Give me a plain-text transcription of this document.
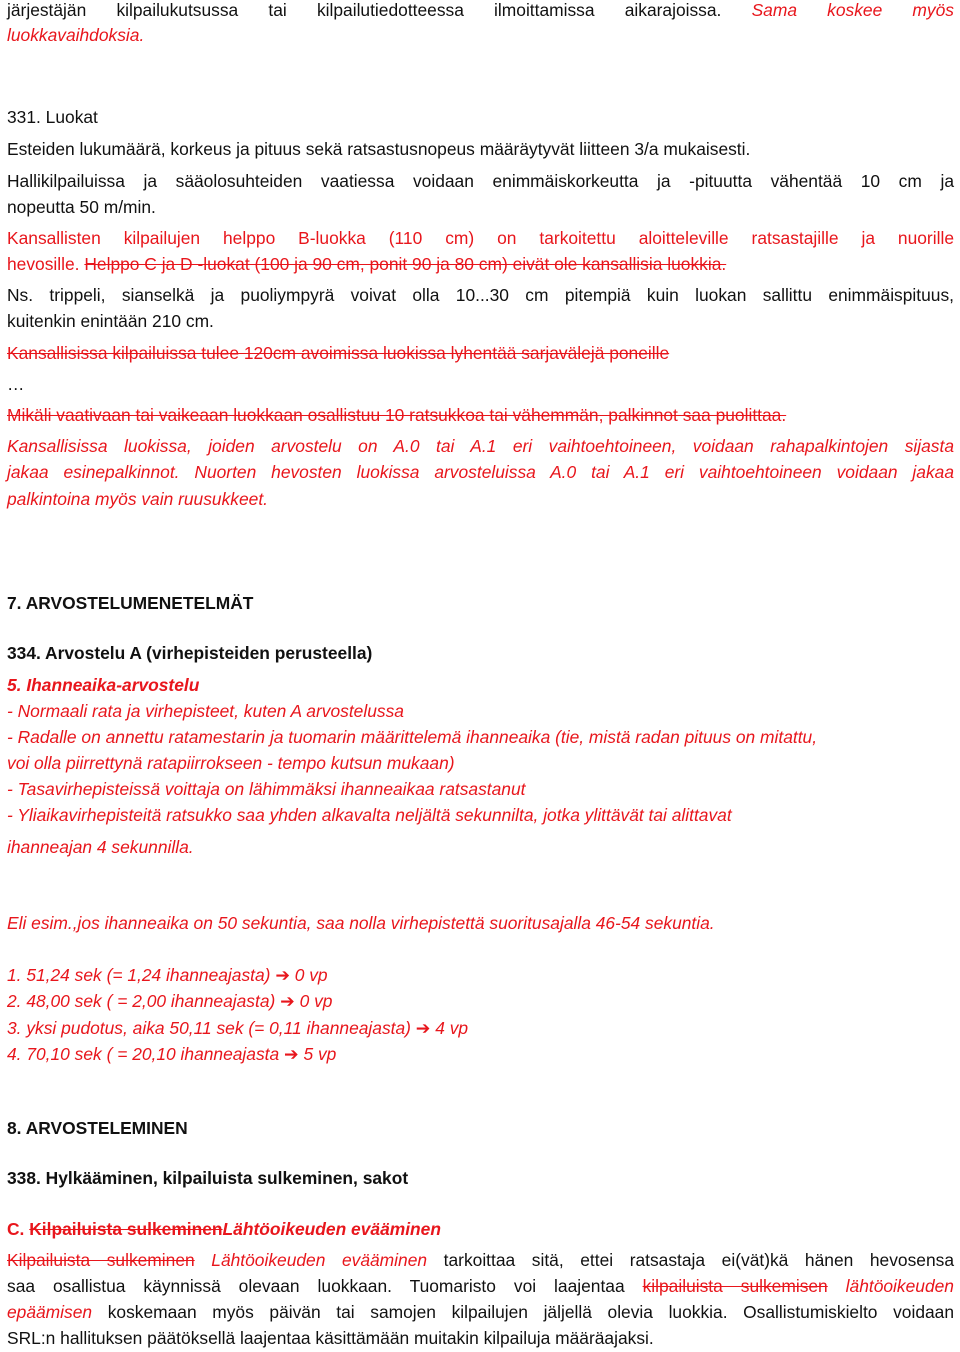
järjestäjän kilpailukutsussa tai kilpailutiedotteessa ilmoittamissa aikarajoissa. Sama koskee myös
luokkavaihdoksia.
331. Luokat
Esteiden lukumäärä, korkeus ja pituus sekä ratsastusnopeus määräytyvät liitteen 3/a mukaisesti.
Hallikilpailuissa ja sääolosuhteiden vaatiessa voidaan enimmäiskorkeutta ja -pituutta vähentää 10 cm ja
nopeutta 50 m/min.
Kansallisten kilpailujen helppo B-luokka (110 cm) on tarkoitettu aloitteleville ratsastajille ja nuorille
hevosille. Helppo C ja D -luokat (100 ja 90 cm, ponit 90 ja 80 cm) eivät ole kansallisia luokkia.
Ns. trippeli, sianselkä ja puoliympyrä voivat olla 10...30 cm pitempiä kuin luokan sallittu enimmäispituus,
kuitenkin enintään 210 cm.
Kansallisissa kilpailuissa tulee 120cm avoimissa luokissa lyhentää sarjavälejä poneille
…
Mikäli vaativaan tai vaikeaan luokkaan osallistuu 10 ratsukkoa tai vähemmän, palkinnot saa puolittaa.
Kansallisissa luokissa, joiden arvostelu on A.0 tai A.1 eri vaihtoehtoineen, voidaan rahapalkintojen sijasta
jakaa esinepalkinnot. Nuorten hevosten luokissa arvosteluissa A.0 tai A.1 eri vaihtoehtoineen voidaan jakaa
palkintoina myös vain ruusukkeet.
7. ARVOSTELUMENETELMÄT
334. Arvostelu A (virhepisteiden perusteella)
5. Ihanneaika-arvostelu
- Normaali rata ja virhepisteet, kuten A arvostelussa
- Radalle on annettu ratamestarin ja tuomarin määrittelemä ihanneaika (tie, mistä radan pituus on mitattu,
voi olla piirrettynä ratapiirrokseen - tempo kutsun mukaan)
- Tasavirhepisteissä voittaja on lähimmäksi ihanneaikaa ratsastanut
- Yliaikavirhepisteitä ratsukko saa yhden alkavalta neljältä sekunnilta, jotka ylittävät tai alittavat
ihanneajan 4 sekunnilla.
Eli esim.,jos ihanneaika on 50 sekuntia, saa nolla virhepistettä suoritusajalla 46-54 sekuntia.
1. 51,24 sek (= 1,24 ihanneajasta) ➔ 0 vp
2. 48,00 sek ( = 2,00 ihanneajasta) ➔ 0 vp
3. yksi pudotus, aika 50,11 sek (= 0,11 ihanneajasta) ➔ 4 vp
4. 70,10 sek ( = 20,10 ihanneajasta ➔ 5 vp
8. ARVOSTELEMINEN
338. Hylkääminen, kilpailuista sulkeminen, sakot
C. Kilpailuista sulkeminenLähtöoikeuden evääminen
Kilpailuista sulkeminen Lähtöoikeuden evääminen tarkoittaa sitä, ettei ratsastaja ei(vät)kä hänen hevosensa
saa osallistua käynnissä olevaan luokkaan. Tuomaristo voi laajentaa kilpailuista sulkemisen lähtöoikeuden
epäämisen koskemaan myös päivän tai samojen kilpailujen jäljellä olevia luokkia. Osallistumiskielto voidaan
SRL:n hallituksen päätöksellä laajentaa käsittämään muitakin kilpailuja määräajaksi.
